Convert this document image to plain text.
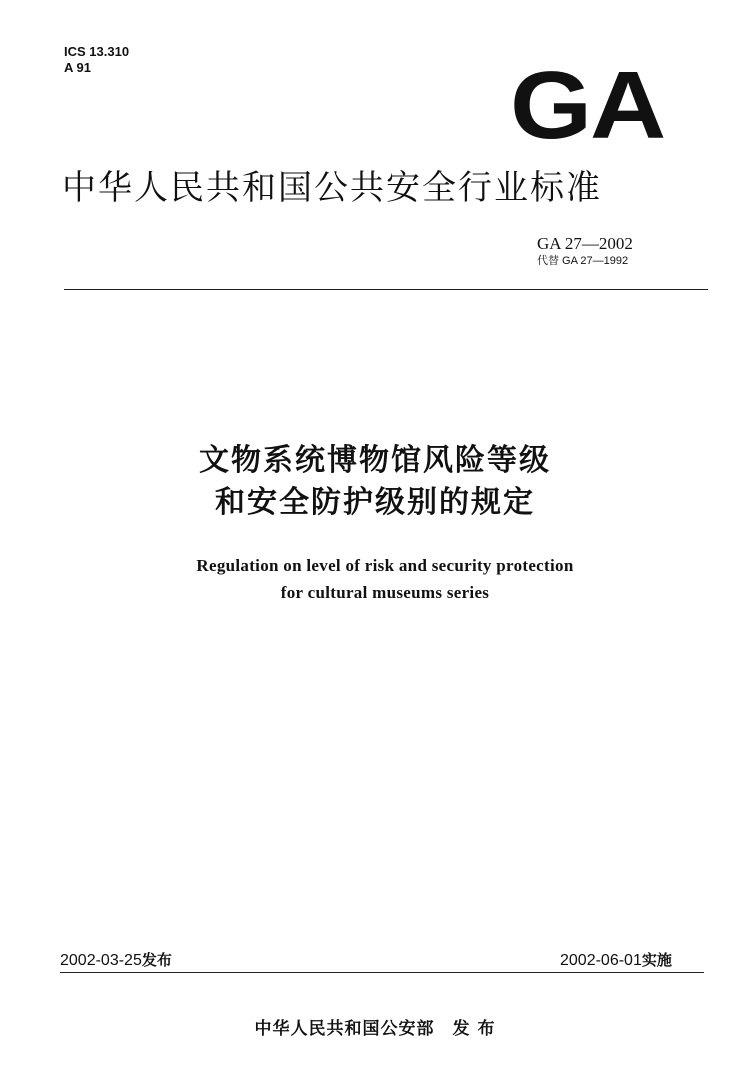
ICS 13.310
A 91	GA
中华人民共和国公共安全行业标准
GA 27—2002
代替 GA 27—1992
文物系统博物馆风险等级
和安全防护级别的规定
Regulation on level of risk and security protection
for cultural museums series
2002-03-25发布	2002-06-01实施
中华人民共和国公安部 发 布
